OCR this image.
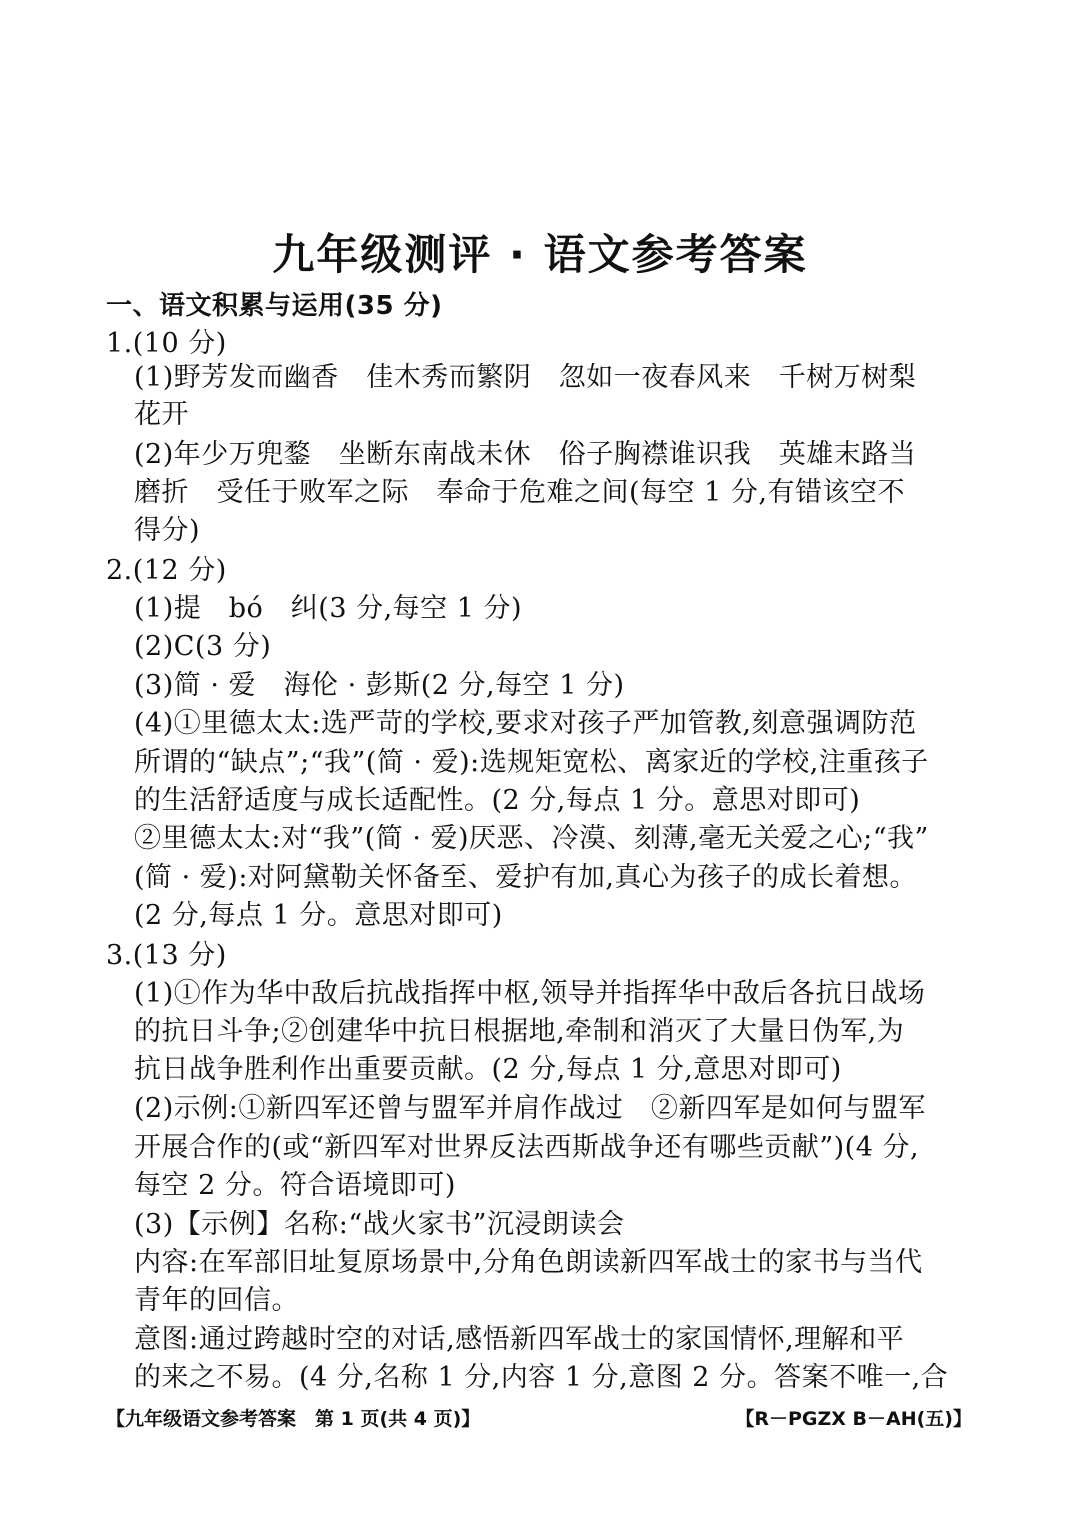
九年级测评 · 语文参考答案
一、语文积累与运用(35 分)
1.(10 分)
(1)野芳发而幽香　佳木秀而繁阴　忽如一夜春风来　千树万树梨
花开
(2)年少万兜鍪　坐断东南战未休　俗子胸襟谁识我　英雄末路当
磨折　受任于败军之际　奉命于危难之间(每空 1 分,有错该空不
得分)
2.(12 分)
(1)提　bó　纠(3 分,每空 1 分)
(2)C(3 分)
(3)简 · 爱　海伦 · 彭斯(2 分,每空 1 分)
(4)①里德太太:选严苛的学校,要求对孩子严加管教,刻意强调防范
所谓的“缺点”;“我”(简 · 爱):选规矩宽松、离家近的学校,注重孩子
的生活舒适度与成长适配性。(2 分,每点 1 分。意思对即可)
②里德太太:对“我”(简 · 爱)厌恶、冷漠、刻薄,毫无关爱之心;“我”
(简 · 爱):对阿黛勒关怀备至、爱护有加,真心为孩子的成长着想。
(2 分,每点 1 分。意思对即可)
3.(13 分)
(1)①作为华中敌后抗战指挥中枢,领导并指挥华中敌后各抗日战场
的抗日斗争;②创建华中抗日根据地,牵制和消灭了大量日伪军,为
抗日战争胜利作出重要贡献。(2 分,每点 1 分,意思对即可)
(2)示例:①新四军还曾与盟军并肩作战过　②新四军是如何与盟军
开展合作的(或“新四军对世界反法西斯战争还有哪些贡献”)(4 分,
每空 2 分。符合语境即可)
(3)【示例】名称:“战火家书”沉浸朗读会
内容:在军部旧址复原场景中,分角色朗读新四军战士的家书与当代
青年的回信。
意图:通过跨越时空的对话,感悟新四军战士的家国情怀,理解和平
的来之不易。(4 分,名称 1 分,内容 1 分,意图 2 分。答案不唯一,合
【九年级语文参考答案　第 1 页(共 4 页)】	【R－PGZX B－AH(五)】
